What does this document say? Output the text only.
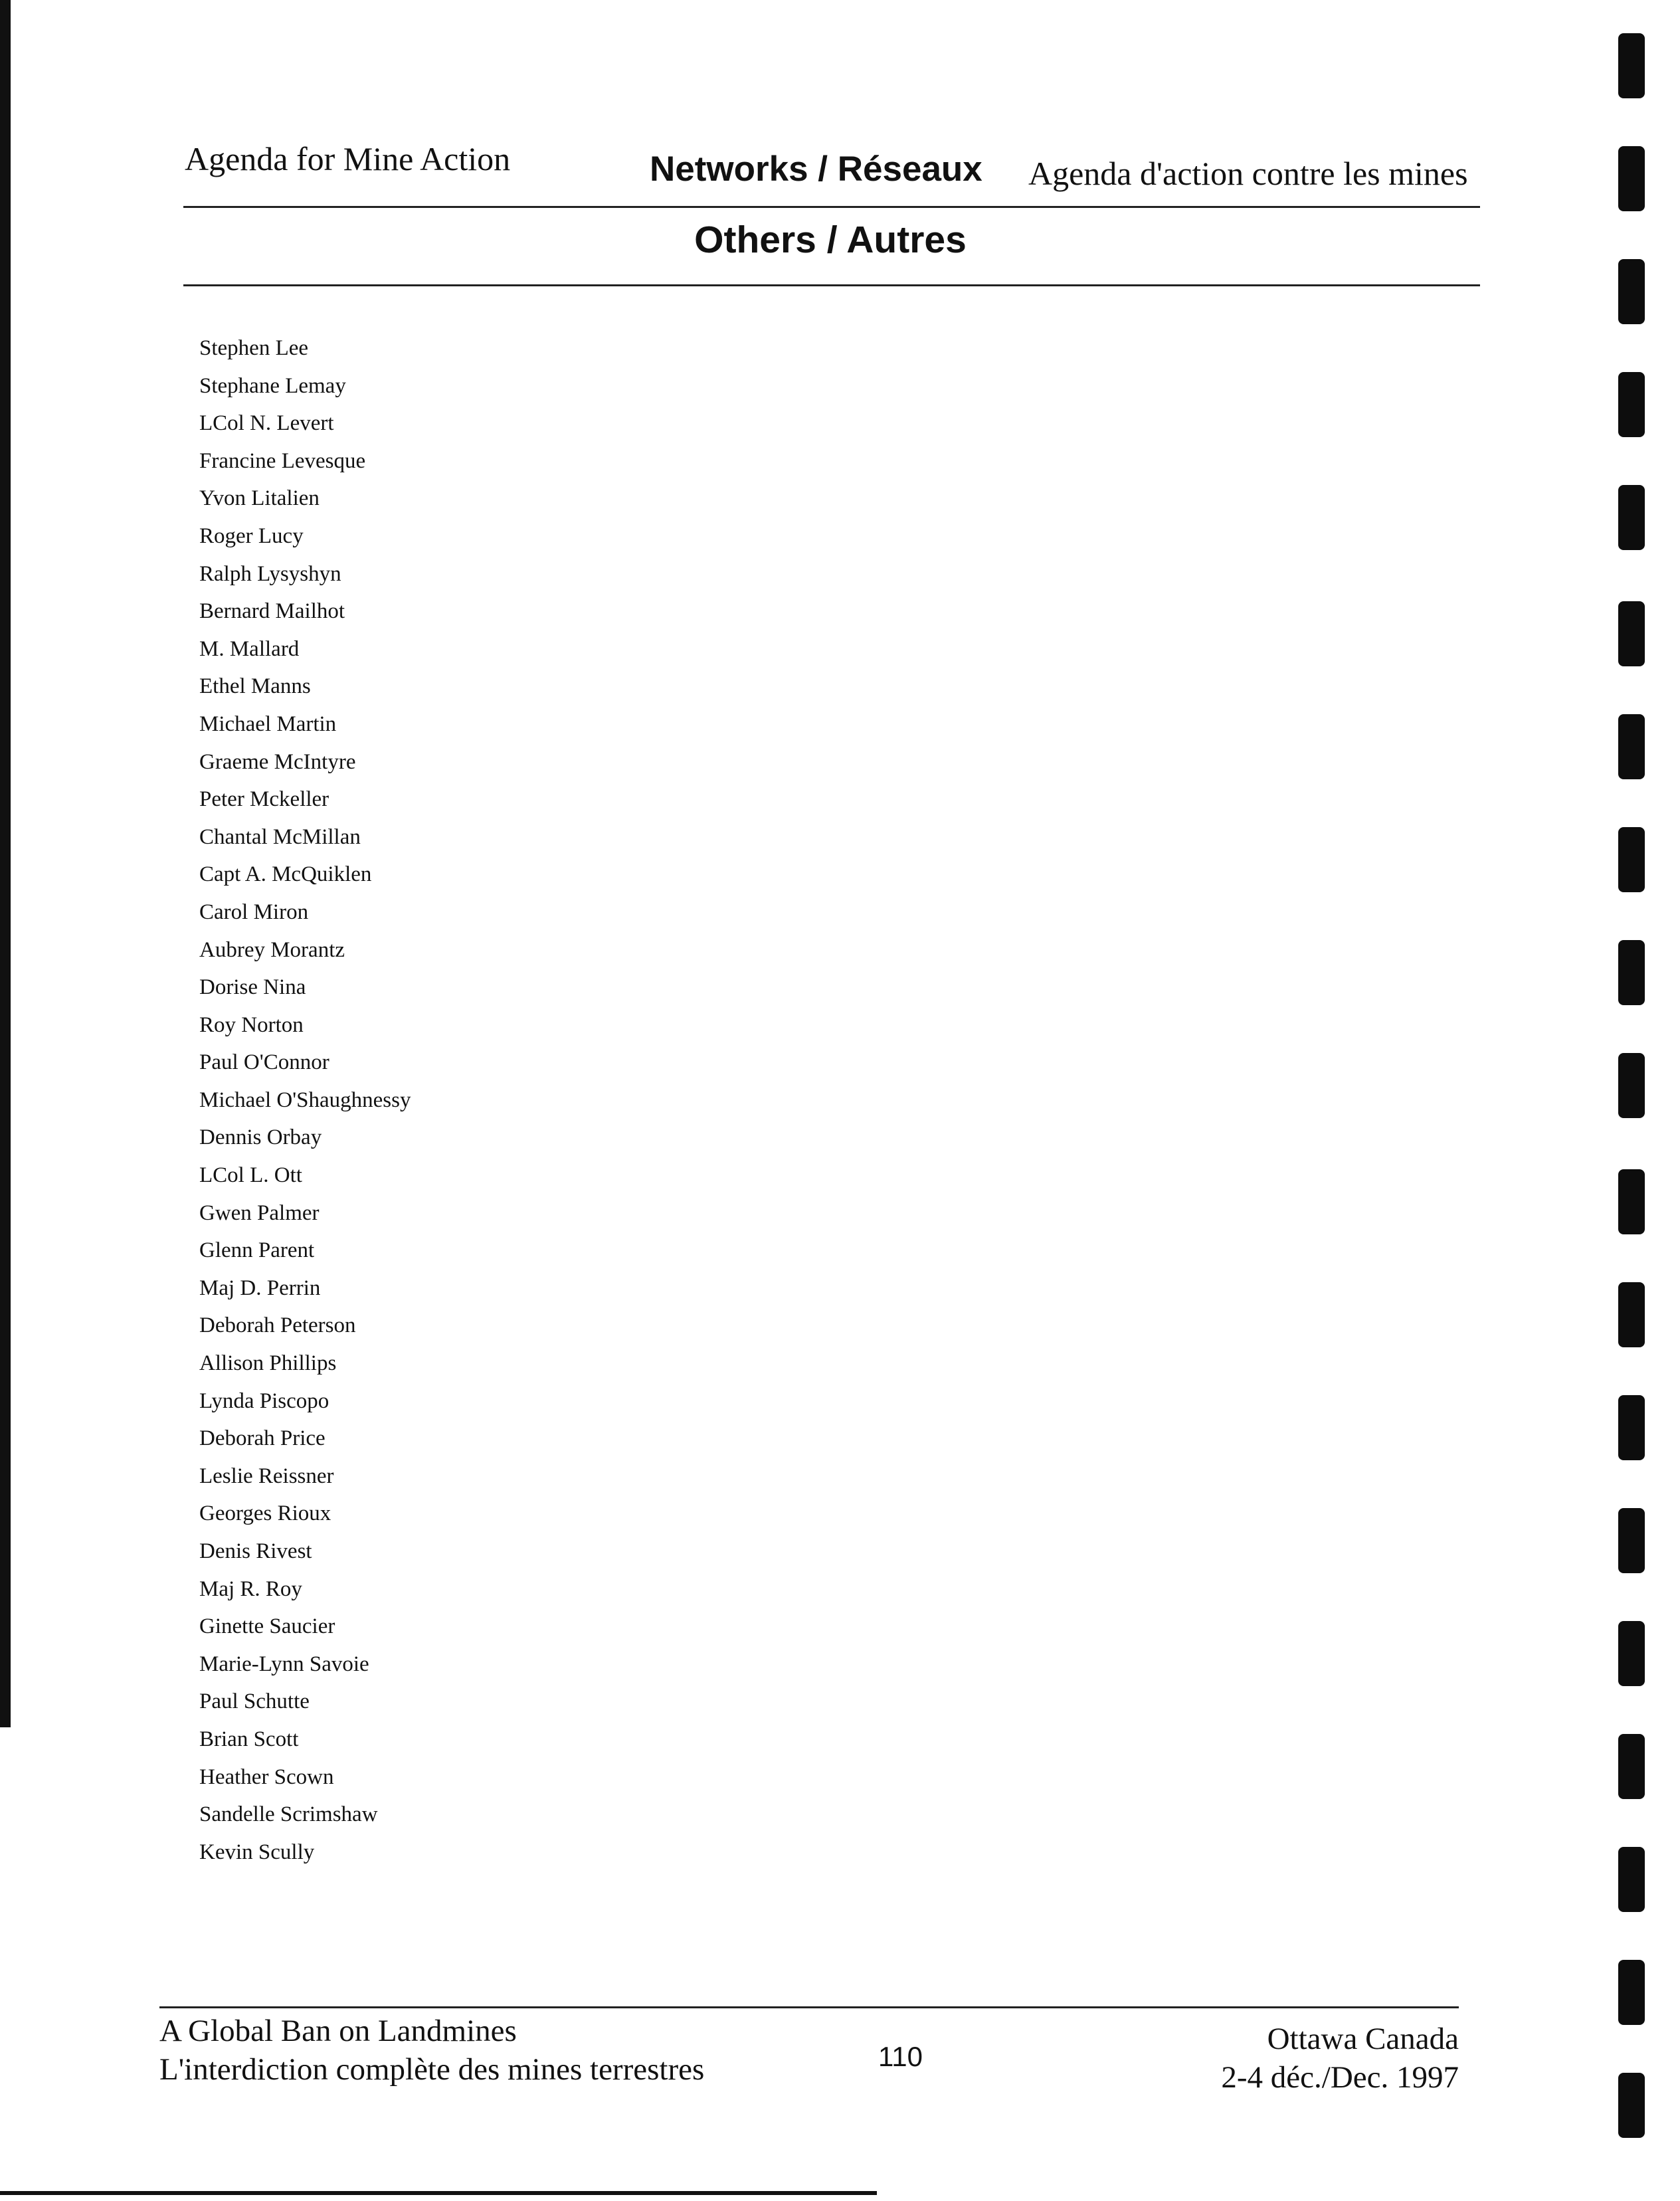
Agenda for Mine Action	Networks / Réseaux Agenda d'action contre les mines
Others / Autres
Stephen Lee
Stephane Lemay
LCol N. Levert
Francine Levesque
Yvon Litalien
Roger Lucy
Ralph Lysyshyn
Bernard Mailhot
M. Mallard
Ethel Manns
Michael Martin
Graeme McIntyre
Peter Mckeller
Chantal McMillan
Capt A. McQuiklen
Carol Miron
Aubrey Morantz
Dorise Nina
Roy Norton
Paul O'Connor
Michael O'Shaughnessy
Dennis Orbay
LCol L. Ott
Gwen Palmer
Glenn Parent
Maj D. Perrin
Deborah Peterson
Allison Phillips
Lynda Piscopo
Deborah Price
Leslie Reissner
Georges Rioux
Denis Rivest
Maj R. Roy
Ginette Saucier
Marie-Lynn Savoie
Paul Schutte
Brian Scott
Heather Scown
Sandelle Scrimshaw
Kevin Scully
A Global Ban on Landmines
L'interdiction complète des mines terrestres	110
Ottawa Canada
2-4 déc./Dec. 1997
